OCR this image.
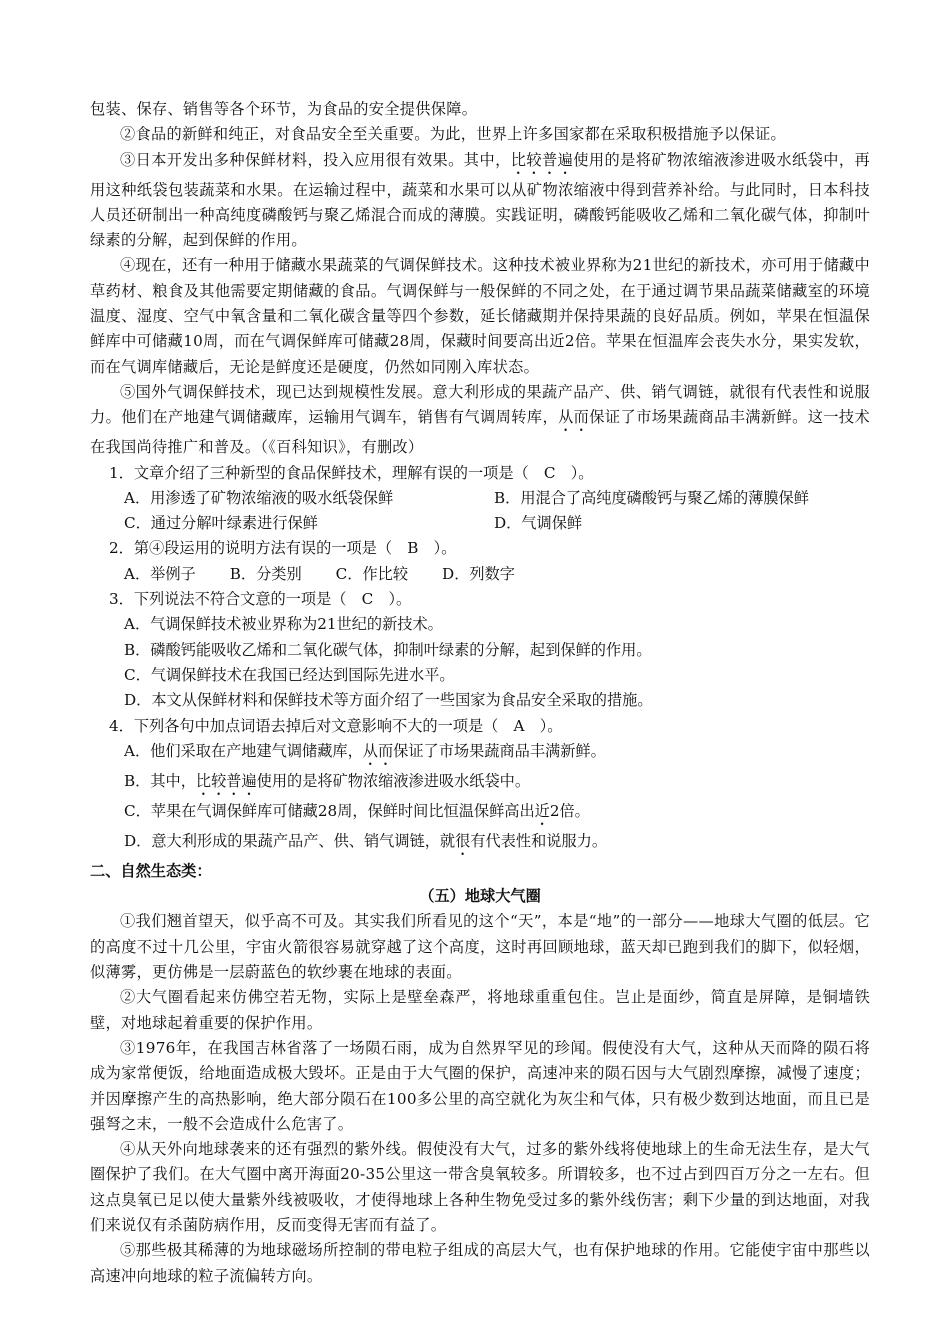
包装、保存、销售等各个环节，为食品的安全提供保障。
②食品的新鲜和纯正，对食品安全至关重要。为此，世界上许多国家都在采取积极措施予以保证。
③日本开发出多种保鲜材料，投入应用很有效果。其中，比较普遍使用的是将矿物浓缩液渗进吸水纸袋中，再用这种纸袋包装蔬菜和水果。在运输过程中，蔬菜和水果可以从矿物浓缩液中得到营养补给。与此同时，日本科技人员还研制出一种高纯度磷酸钙与聚乙烯混合而成的薄膜。实践证明，磷酸钙能吸收乙烯和二氧化碳气体，抑制叶绿素的分解，起到保鲜的作用。
④现在，还有一种用于储藏水果蔬菜的气调保鲜技术。这种技术被业界称为21世纪的新技术，亦可用于储藏中草药材、粮食及其他需要定期储藏的食品。气调保鲜与一般保鲜的不同之处，在于通过调节果品蔬菜储藏室的环境温度、湿度、空气中氧含量和二氧化碳含量等四个参数，延长储藏期并保持果蔬的良好品质。例如，苹果在恒温保鲜库中可储藏10周，而在气调保鲜库可储藏28周，保藏时间要高出近2倍。苹果在恒温库会丧失水分，果实发软，而在气调库储藏后，无论是鲜度还是硬度，仍然如同刚入库状态。
⑤国外气调保鲜技术，现已达到规模性发展。意大利形成的果蔬产品产、供、销气调链，就很有代表性和说服力。他们在产地建气调储藏库，运输用气调车，销售有气调周转库，从而保证了市场果蔬商品丰满新鲜。这一技术在我国尚待推广和普及。（《百科知识》，有删改）
1．文章介绍了三种新型的食品保鲜技术，理解有误的一项是（　C　）。
A．用渗透了矿物浓缩液的吸水纸袋保鲜	B．用混合了高纯度磷酸钙与聚乙烯的薄膜保鲜
C．通过分解叶绿素进行保鲜	D．气调保鲜
2．第④段运用的说明方法有误的一项是（　B　）。
A．举例子 B．分类别 C．作比较 D．列数字
3．下列说法不符合文意的一项是（　C　）。
A．气调保鲜技术被业界称为21世纪的新技术。
B．磷酸钙能吸收乙烯和二氧化碳气体，抑制叶绿素的分解，起到保鲜的作用。
C．气调保鲜技术在我国已经达到国际先进水平。
D．本文从保鲜材料和保鲜技术等方面介绍了一些国家为食品安全采取的措施。
4．下列各句中加点词语去掉后对文意影响不大的一项是（　A　）。
A．他们采取在产地建气调储藏库，从而保证了市场果蔬商品丰满新鲜。
B．其中，比较普遍使用的是将矿物浓缩液渗进吸水纸袋中。
C．苹果在气调保鲜库可储藏28周，保鲜时间比恒温保鲜高出近2倍。
D．意大利形成的果蔬产品产、供、销气调链，就很有代表性和说服力。
二、自然生态类：
（五）地球大气圈
①我们翘首望天，似乎高不可及。其实我们所看见的这个“天”，本是“地”的一部分——地球大气圈的低层。它的高度不过十几公里，宇宙火箭很容易就穿越了这个高度，这时再回顾地球，蓝天却已跑到我们的脚下，似轻烟，似薄雾，更仿佛是一层蔚蓝色的软纱裹在地球的表面。
②大气圈看起来仿佛空若无物，实际上是壁垒森严，将地球重重包住。岂止是面纱，简直是屏障，是铜墙铁壁，对地球起着重要的保护作用。
③1976年，在我国吉林省落了一场陨石雨，成为自然界罕见的珍闻。假使没有大气，这种从天而降的陨石将成为家常便饭，给地面造成极大毁坏。正是由于大气圈的保护，高速冲来的陨石因与大气剧烈摩擦，减慢了速度；并因摩擦产生的高热影响，绝大部分陨石在100多公里的高空就化为灰尘和气体，只有极少数到达地面，而且已是强弩之末，一般不会造成什么危害了。
④从天外向地球袭来的还有强烈的紫外线。假使没有大气，过多的紫外线将使地球上的生命无法生存，是大气圈保护了我们。在大气圈中离开海面20-35公里这一带含臭氧较多。所谓较多，也不过占到四百万分之一左右。但这点臭氧已足以使大量紫外线被吸收，才使得地球上各种生物免受过多的紫外线伤害；剩下少量的到达地面，对我们来说仅有杀菌防病作用，反而变得无害而有益了。
⑤那些极其稀薄的为地球磁场所控制的带电粒子组成的高层大气，也有保护地球的作用。它能使宇宙中那些以高速冲向地球的粒子流偏转方向。
